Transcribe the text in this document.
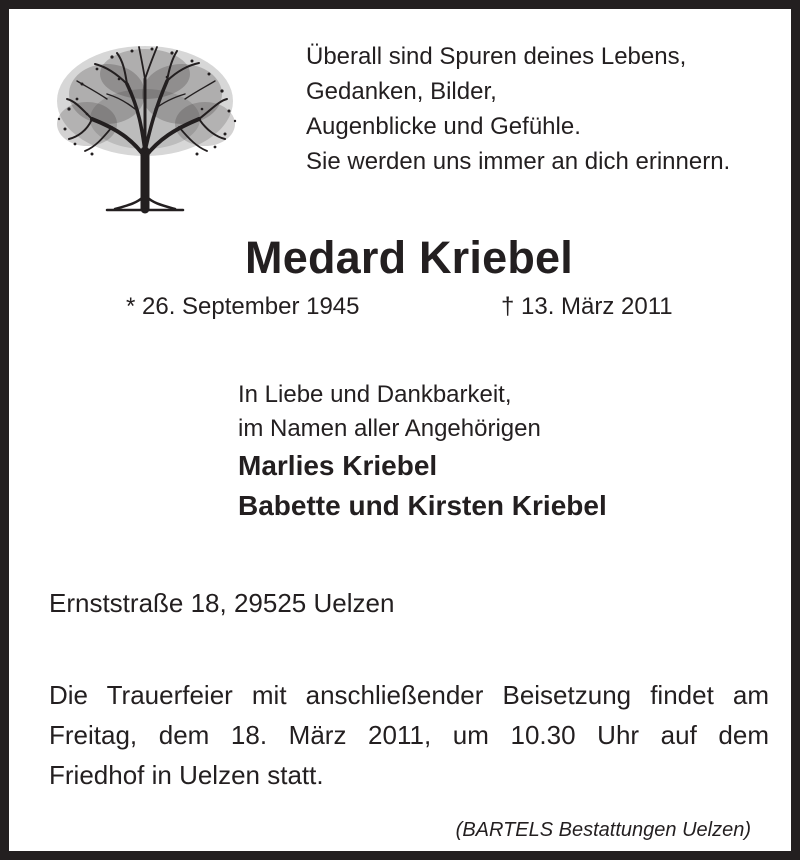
Überall sind Spuren deines Lebens,
Gedanken, Bilder,
Augenblicke und Gefühle.
Sie werden uns immer an dich erinnern.
Medard Kriebel
* 26. September 1945	† 13. März 2011
In Liebe und Dankbarkeit,
im Namen aller Angehörigen
Marlies Kriebel
Babette und Kirsten Kriebel
Ernststraße 18, 29525 Uelzen
Die Trauerfeier mit anschließender Beisetzung findet am
Freitag, dem 18. März 2011, um 10.30 Uhr auf dem
Friedhof in Uelzen statt.
(BARTELS Bestattungen Uelzen)
